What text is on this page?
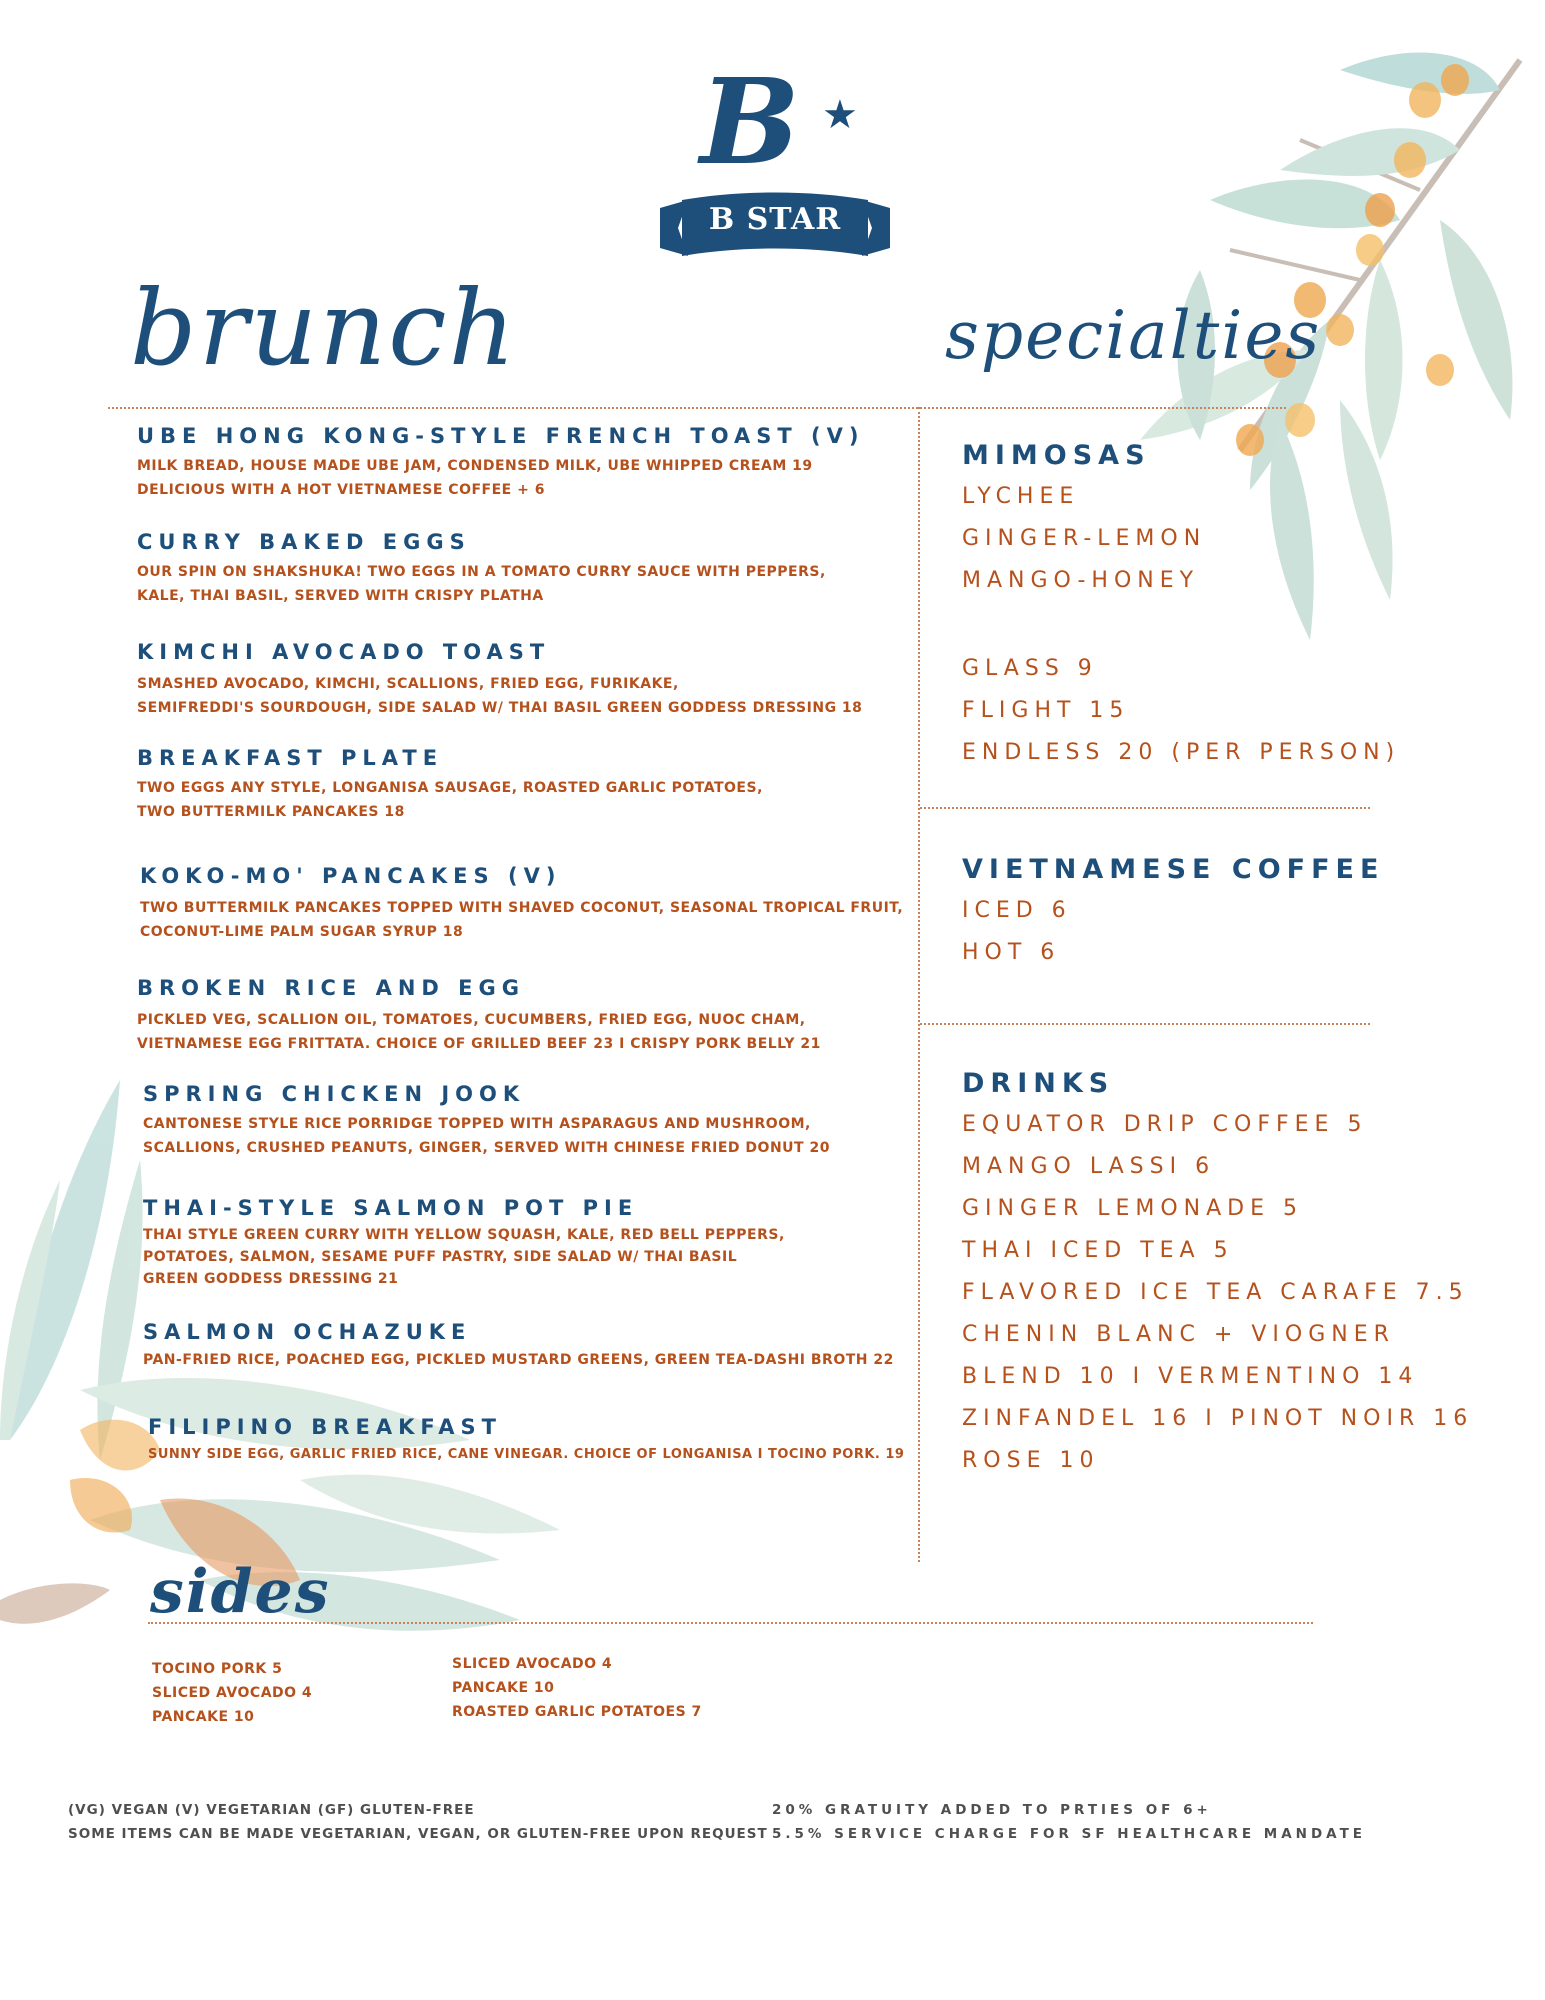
B ★
B STAR
brunch	specialties
UBE HONG KONG-STYLE FRENCH TOAST (V)
MILK BREAD, HOUSE MADE UBE JAM, CONDENSED MILK, UBE WHIPPED CREAM 19
DELICIOUS WITH A HOT VIETNAMESE COFFEE + 6
CURRY BAKED EGGS
OUR SPIN ON SHAKSHUKA! TWO EGGS IN A TOMATO CURRY SAUCE WITH PEPPERS,
KALE, THAI BASIL, SERVED WITH CRISPY PLATHA
KIMCHI AVOCADO TOAST
SMASHED AVOCADO, KIMCHI, SCALLIONS, FRIED EGG, FURIKAKE,
SEMIFREDDI'S SOURDOUGH, SIDE SALAD W/ THAI BASIL GREEN GODDESS DRESSING 18
BREAKFAST PLATE
TWO EGGS ANY STYLE, LONGANISA SAUSAGE, ROASTED GARLIC POTATOES,
TWO BUTTERMILK PANCAKES 18
KOKO-MO' PANCAKES (V)
TWO BUTTERMILK PANCAKES TOPPED WITH SHAVED COCONUT, SEASONAL TROPICAL FRUIT,
COCONUT-LIME PALM SUGAR SYRUP 18
BROKEN RICE AND EGG
PICKLED VEG, SCALLION OIL, TOMATOES, CUCUMBERS, FRIED EGG, NUOC CHAM,
VIETNAMESE EGG FRITTATA. CHOICE OF GRILLED BEEF 23 I CRISPY PORK BELLY 21
SPRING CHICKEN JOOK
CANTONESE STYLE RICE PORRIDGE TOPPED WITH ASPARAGUS AND MUSHROOM,
SCALLIONS, CRUSHED PEANUTS, GINGER, SERVED WITH CHINESE FRIED DONUT 20
THAI-STYLE SALMON POT PIE
THAI STYLE GREEN CURRY WITH YELLOW SQUASH, KALE, RED BELL PEPPERS,
POTATOES, SALMON, SESAME PUFF PASTRY, SIDE SALAD W/ THAI BASIL
GREEN GODDESS DRESSING 21
SALMON OCHAZUKE
PAN-FRIED RICE, POACHED EGG, PICKLED MUSTARD GREENS, GREEN TEA-DASHI BROTH 22
FILIPINO BREAKFAST
SUNNY SIDE EGG, GARLIC FRIED RICE, CANE VINEGAR. CHOICE OF LONGANISA I TOCINO PORK. 19
MIMOSAS
LYCHEE
GINGER-LEMON
MANGO-HONEY
GLASS 9
FLIGHT 15
ENDLESS 20 (PER PERSON)
VIETNAMESE COFFEE
ICED 6
HOT 6
DRINKS
EQUATOR DRIP COFFEE 5
MANGO LASSI 6
GINGER LEMONADE 5
THAI ICED TEA 5
FLAVORED ICE TEA CARAFE 7.5
CHENIN BLANC + VIOGNER
BLEND 10 I VERMENTINO 14
ZINFANDEL 16 I PINOT NOIR 16
ROSE 10
sides
TOCINO PORK 5
SLICED AVOCADO 4
PANCAKE 10
SLICED AVOCADO 4
PANCAKE 10
ROASTED GARLIC POTATOES 7
(VG) VEGAN (V) VEGETARIAN (GF) GLUTEN-FREE
SOME ITEMS CAN BE MADE VEGETARIAN, VEGAN, OR GLUTEN-FREE UPON REQUEST
20% GRATUITY ADDED TO PRTIES OF 6+
5.5% SERVICE CHARGE FOR SF HEALTHCARE MANDATE
